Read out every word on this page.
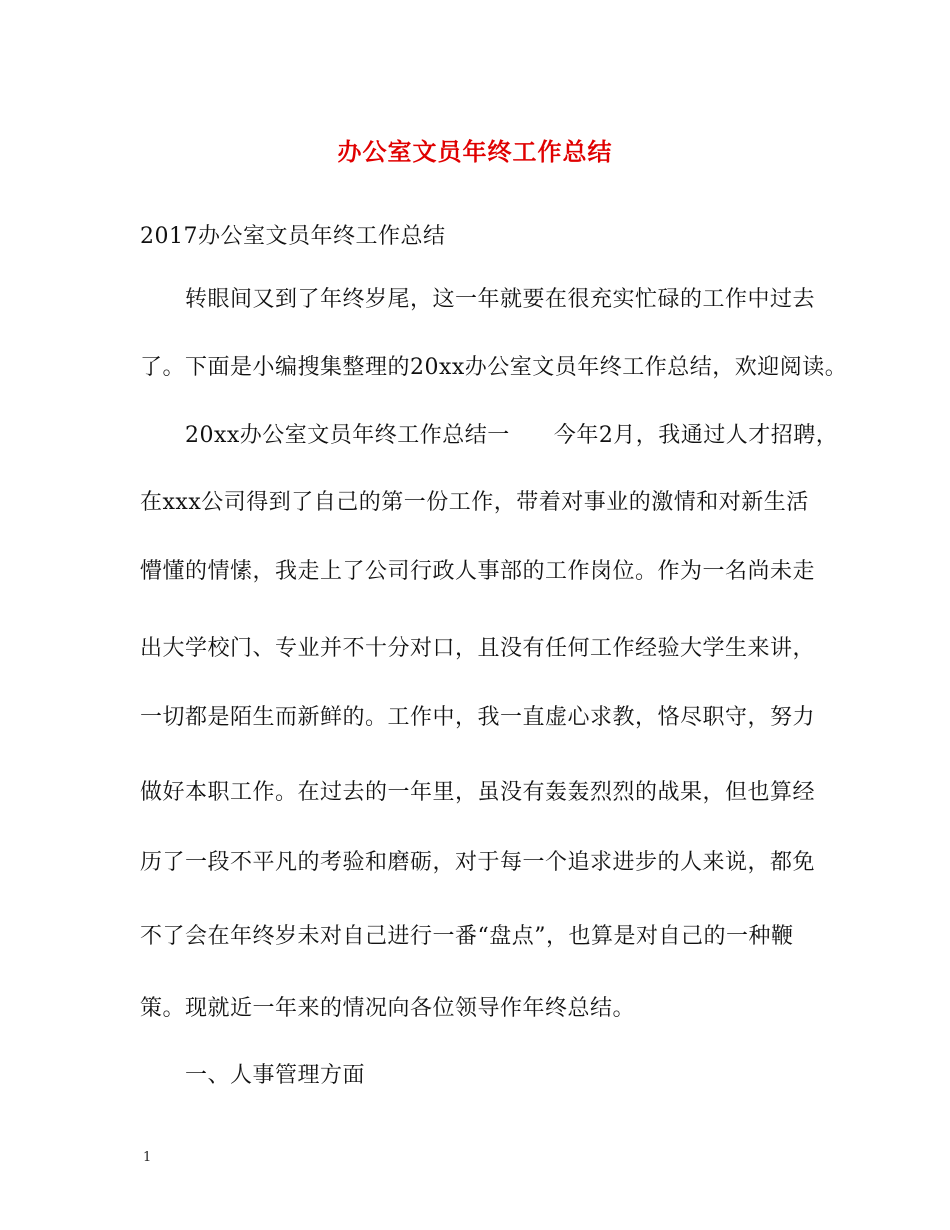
办公室文员年终工作总结
2017办公室文员年终工作总结
转眼间又到了年终岁尾，这一年就要在很充实忙碌的工作中过去
了。下面是小编搜集整理的20xx办公室文员年终工作总结，欢迎阅读。
20xx办公室文员年终工作总结一 今年2月，我通过人才招聘，
在xxx公司得到了自己的第一份工作，带着对事业的激情和对新生活
懵懂的情愫，我走上了公司行政人事部的工作岗位。作为一名尚未走
出大学校门、专业并不十分对口，且没有任何工作经验大学生来讲，
一切都是陌生而新鲜的。工作中，我一直虚心求教，恪尽职守，努力
做好本职工作。在过去的一年里，虽没有轰轰烈烈的战果，但也算经
历了一段不平凡的考验和磨砺，对于每一个追求进步的人来说，都免
不了会在年终岁未对自己进行一番“盘点”，也算是对自己的一种鞭
策。现就近一年来的情况向各位领导作年终总结。
一、人事管理方面
1
